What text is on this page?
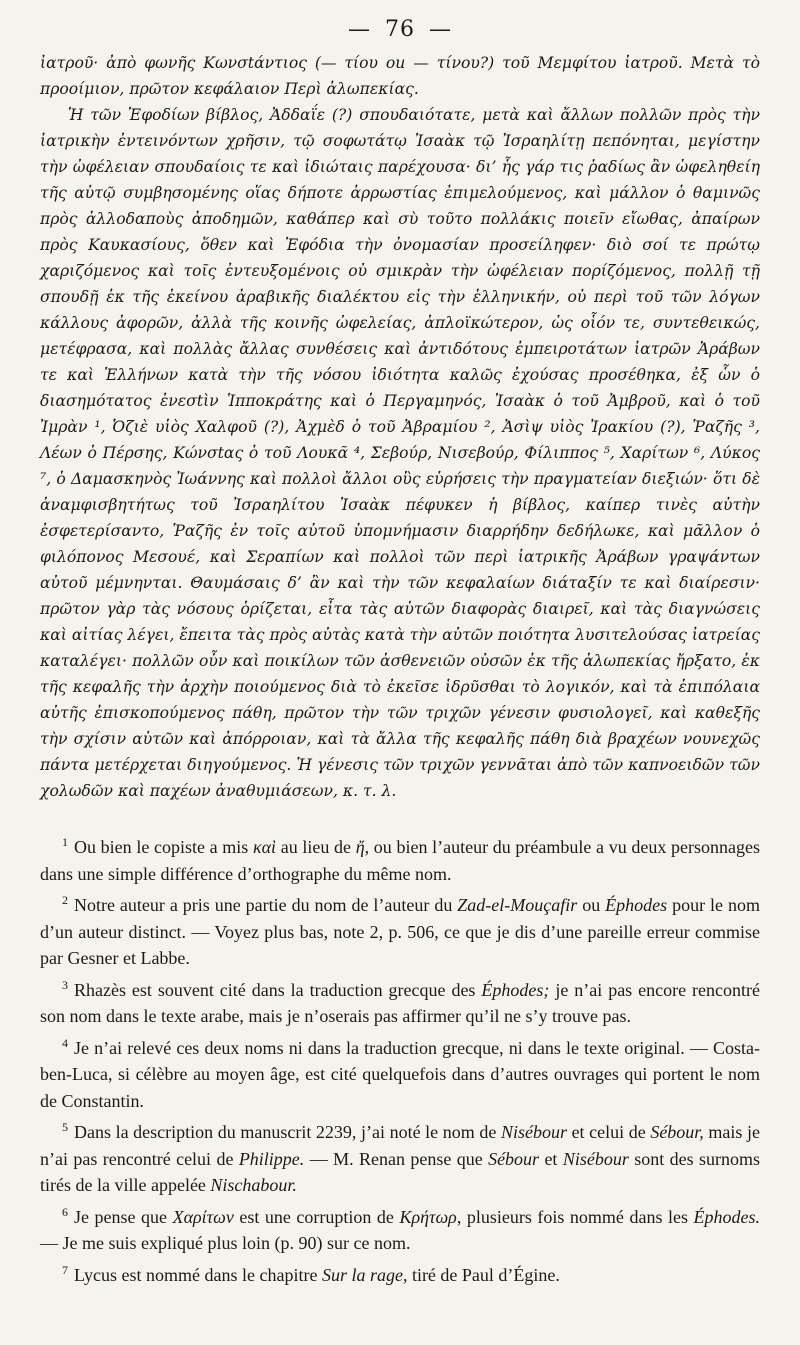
— 76 —

ἰατροῦ· ἀπὸ φωνῆς Κωνσtάντιος (— τίου ou — τίνου?) τοῦ Μεμφίτου ἰατροῦ. Μετὰ τὸ προοίμιον, πρῶτον κεφάλαιον Περὶ ἀλωπεκίας.

Ἡ τῶν Ἐφοδίων βίβλος, Ἀδδαΐε (?) σπουδαιότατε, μετὰ καὶ ἄλλων πολλῶν πρὸς τὴν ἰατρικὴν ἐντεινόντων χρῆσιν, τῷ σοφωτάτῳ Ἰσαὰκ τῷ Ἰσραηλίτῃ πεπόνηται, μεγίστην τὴν ὠφέλειαν σπουδαίοις τε καὶ ἰδιώταις παρέχουσα· δι’ ἧς γάρ τις ῥαδίως ἂν ὠφεληθείη τῆς αὐτῷ συμβησομένης οἵας δήποτε ἀρρωστίας ἐπιμελούμενος, καὶ μάλλον ὁ θαμινῶς πρὸς ἀλλοδαποὺς ἀποδημῶν, καθάπερ καὶ σὺ τοῦτο πολλάκις ποιεῖν εἴωθας, ἀπαίρων πρὸς Καυκασίους, ὅθεν καὶ Ἐφόδια τὴν ὀνομασίαν προσείληφεν· διὸ σοί τε πρώτῳ χαριζόμενος καὶ τοῖς ἐντευξομένοις οὐ σμικρὰν τὴν ὠφέλειαν πορίζόμενος, πολλῇ τῇ σπουδῇ ἐκ τῆς ἐκείνου ἀραβικῆς διαλέκτου εἰς τὴν ἑλληνικήν, οὐ περὶ τοῦ τῶν λόγων κάλλους ἀφορῶν, ἀλλὰ τῆς κοινῆς ὠφελείας, ἁπλοϊκώτερον, ὡς οἷόν τε, συντεθεικώς, μετέφρασα, καὶ πολλὰς ἄλλας συνθέσεις καὶ ἀντιδότους ἐμπειροτάτων ἰατρῶν Ἀράβων τε καὶ Ἑλλήνων κατὰ τὴν τῆς νόσου ἰδιότητα καλῶς ἐχούσας προσέθηκα, ἐξ ὧν ὁ διασημότατος ἐνεσtὶν Ἱπποκράτης καὶ ὁ Περγαμηνός, Ἰσαὰκ ὁ τοῦ Ἀμβροῦ, καὶ ὁ τοῦ Ἰμρὰν ¹, Ὀζιὲ υἱὸς Χαλφοῦ (?), Ἀχμὲδ ὁ τοῦ Ἀβραμίου ², Ἀσὶψ υἱὸς Ἰρακίου (?), Ῥαζῆς ³, Λέων ὁ Πέρσης, Κώνσtας ὁ τοῦ Λουκᾶ ⁴, Σεβούρ, Νισεβούρ, Φίλιππος ⁵, Χαρίτων ⁶, Λύκος ⁷, ὁ Δαμασκηνὸς Ἰωάννης καὶ πολλοὶ ἄλλοι οὓς εὑρήσεις τὴν πραγματείαν διεξιών· ὅτι δὲ ἀναμφισβητήτως τοῦ Ἰσραηλίτου Ἰσαὰκ πέφυκεν ἡ βίβλος, καίπερ τινὲς αὐτὴν ἐσφετερίσαντο, Ῥαζῆς ἐν τοῖς αὐτοῦ ὑπομνήμασιν διαρρήδην δεδήλωκε, καὶ μᾶλλον ὁ φιλόπονος Μεσουέ, καὶ Σεραπίων καὶ πολλοὶ τῶν περὶ ἰατρικῆς Ἀράβων γραψάντων αὐτοῦ μέμνηνται. Θαυμάσαις δ’ ἂν καὶ τὴν τῶν κεφαλαίων διάταξίν τε καὶ διαίρεσιν· πρῶτον γὰρ τὰς νόσους ὁρίζεται, εἶτα τὰς αὐτῶν διαφορὰς διαιρεῖ, καὶ τὰς διαγνώσεις καὶ αἰτίας λέγει, ἔπειτα τὰς πρὸς αὐτὰς κατὰ τὴν αὐτῶν ποιότητα λυσιτελούσας ἰατρείας καταλέγει· πολλῶν οὖν καὶ ποικίλων τῶν ἀσθενειῶν οὐσῶν ἐκ τῆς ἀλωπεκίας ἤρξατο, ἐκ τῆς κεφαλῆς τὴν ἀρχὴν ποιούμενος διὰ τὸ ἐκεῖσε ἱδρῦσθαι τὸ λογικόν, καὶ τὰ ἐπιπόλαια αὐτῆς ἐπισκοπούμενος πάθη, πρῶτον τὴν τῶν τριχῶν γένεσιν φυσιολογεῖ, καὶ καθεξῆς τὴν σχίσιν αὐτῶν καὶ ἀπόρροιαν, καὶ τὰ ἄλλα τῆς κεφαλῆς πάθη διὰ βραχέων νουνεχῶς πάντα μετέρχεται διηγούμενος. Ἡ γένεσις τῶν τριχῶν γεννᾶται ἀπὸ τῶν καπνοειδῶν τῶν χολωδῶν καὶ παχέων ἀναθυμιάσεων, κ. τ. λ.

$^1$ Ou bien le copiste a mis καὶ au lieu de ἤ, ou bien l’auteur du préambule a vu deux personnages dans une simple différence d’orthographe du même nom.

$^2$ Notre auteur a pris une partie du nom de l’auteur du Zad-el-Mouçafir ou Éphodes pour le nom d’un auteur distinct. — Voyez plus bas, note 2, p. 506, ce que je dis d’une pareille erreur commise par Gesner et Labbe.

$^3$ Rhazès est souvent cité dans la traduction grecque des Éphodes; je n’ai pas encore rencontré son nom dans le texte arabe, mais je n’oserais pas affirmer qu’il ne s’y trouve pas.

$^4$ Je n’ai relevé ces deux noms ni dans la traduction grecque, ni dans le texte original. — Costa-ben-Luca, si célèbre au moyen âge, est cité quelquefois dans d’autres ouvrages qui portent le nom de Constantin.

$^5$ Dans la description du manuscrit 2239, j’ai noté le nom de Nisébour et celui de Sébour, mais je n’ai pas rencontré celui de Philippe. — M. Renan pense que Sébour et Nisébour sont des surnoms tirés de la ville appelée Nischabour.

$^6$ Je pense que Χαρίτων est une corruption de Κρήτωρ, plusieurs fois nommé dans les Éphodes. — Je me suis expliqué plus loin (p. 90) sur ce nom.

$^7$ Lycus est nommé dans le chapitre Sur la rage, tiré de Paul d’Égine.
